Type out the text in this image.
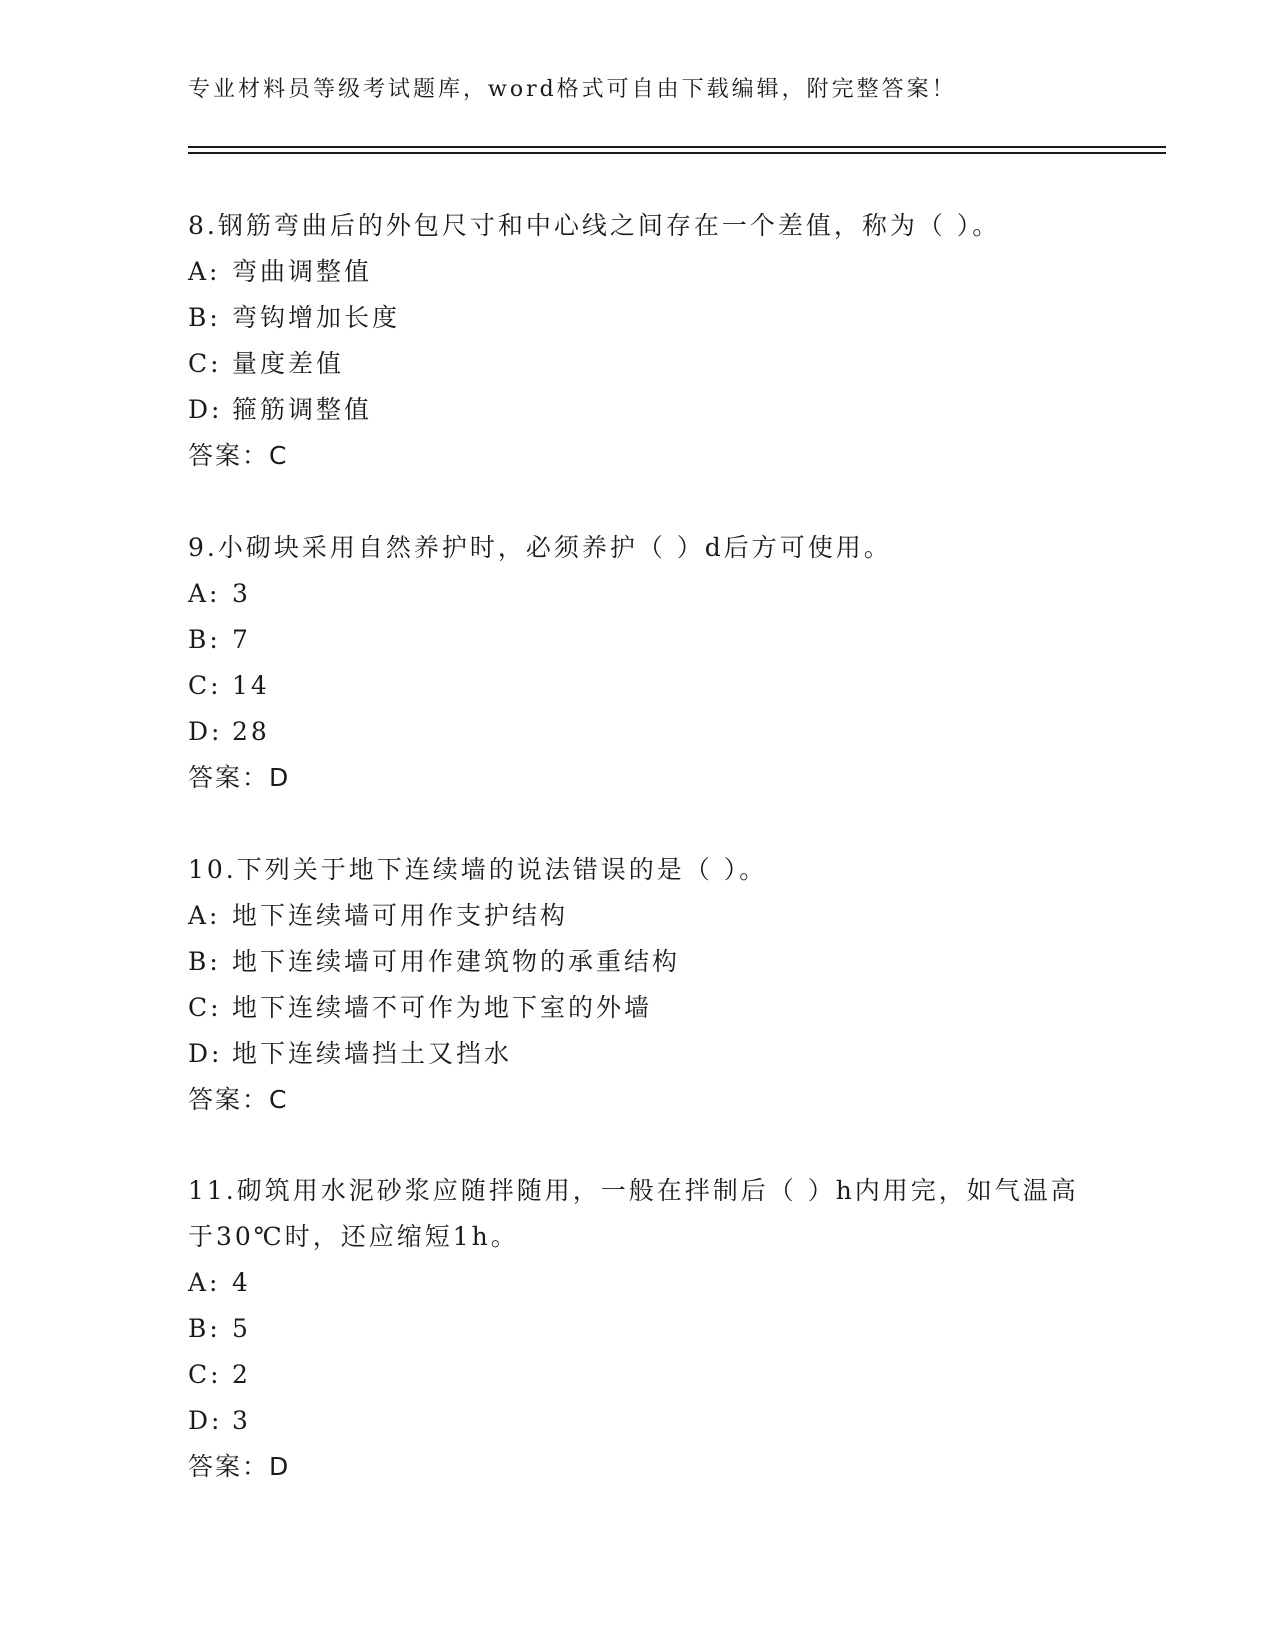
专业材料员等级考试题库，word格式可自由下载编辑，附完整答案！

8.钢筋弯曲后的外包尺寸和中心线之间存在一个差值，称为（ ）。

A: 弯曲调整值

B: 弯钩增加长度

C: 量度差值

D: 箍筋调整值

答案：C

9.小砌块采用自然养护时，必须养护（ ）d后方可使用。

A: 3

B: 7

C: 14

D: 28

答案：D

10.下列关于地下连续墙的说法错误的是（ ）。

A: 地下连续墙可用作支护结构

B: 地下连续墙可用作建筑物的承重结构

C: 地下连续墙不可作为地下室的外墙

D: 地下连续墙挡土又挡水

答案：C

11.砌筑用水泥砂浆应随拌随用，一般在拌制后（ ）h内用完，如气温高于30℃时，还应缩短1h。

A: 4

B: 5

C: 2

D: 3

答案：D
